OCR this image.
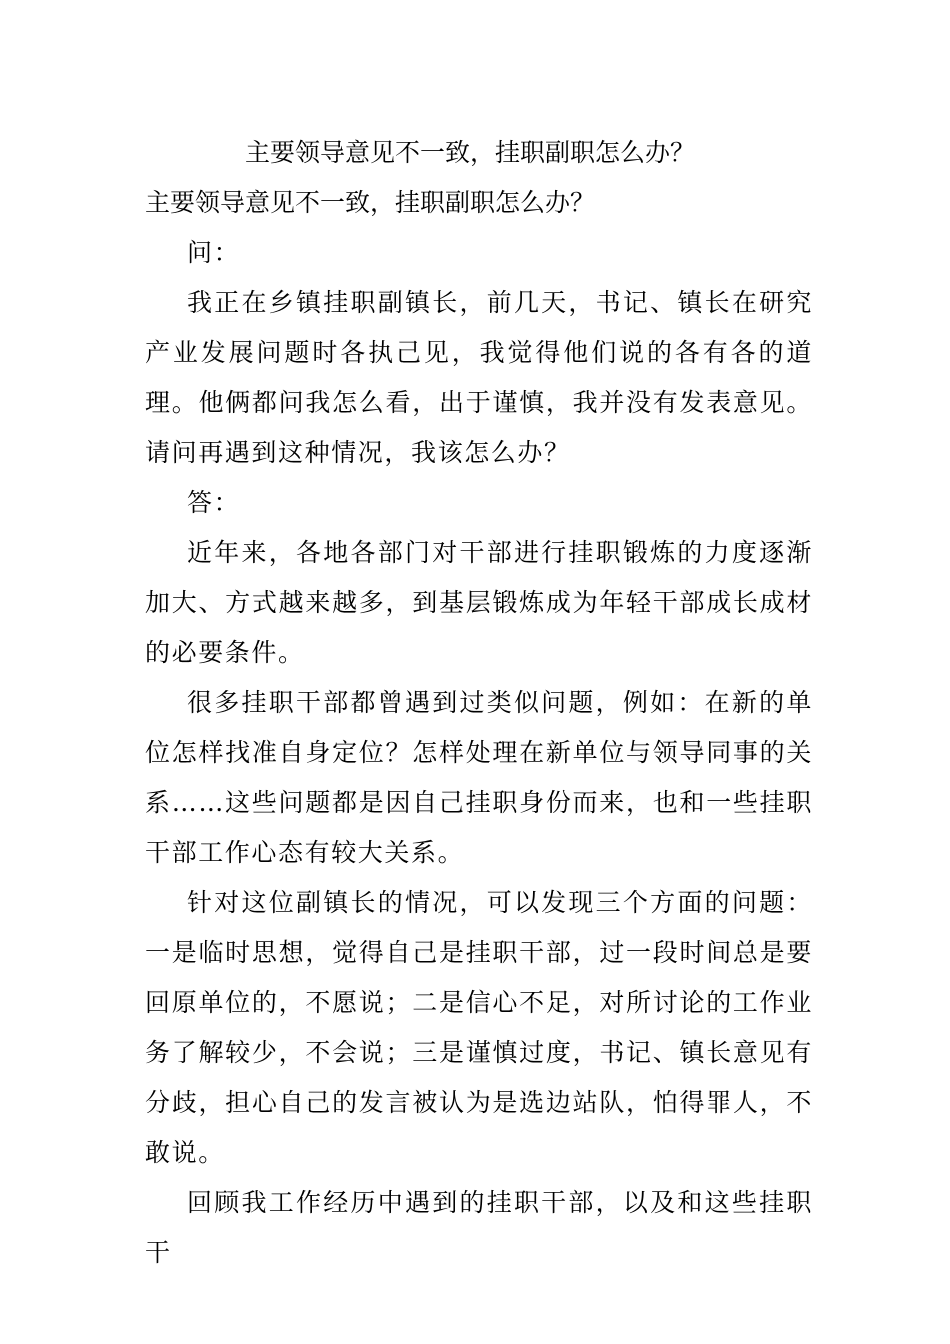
主要领导意见不一致，挂职副职怎么办？

主要领导意见不一致，挂职副职怎么办？

问：

我正在乡镇挂职副镇长，前几天，书记、镇长在研究产业发展问题时各执己见，我觉得他们说的各有各的道理。他俩都问我怎么看，出于谨慎，我并没有发表意见。请问再遇到这种情况，我该怎么办？

答：

近年来，各地各部门对干部进行挂职锻炼的力度逐渐加大、方式越来越多，到基层锻炼成为年轻干部成长成材的必要条件。

很多挂职干部都曾遇到过类似问题，例如：在新的单位怎样找准自身定位？怎样处理在新单位与领导同事的关系……这些问题都是因自己挂职身份而来，也和一些挂职干部工作心态有较大关系。

针对这位副镇长的情况，可以发现三个方面的问题：一是临时思想，觉得自己是挂职干部，过一段时间总是要回原单位的，不愿说；二是信心不足，对所讨论的工作业务了解较少，不会说；三是谨慎过度，书记、镇长意见有分歧，担心自己的发言被认为是选边站队，怕得罪人，不敢说。

回顾我工作经历中遇到的挂职干部，以及和这些挂职干
